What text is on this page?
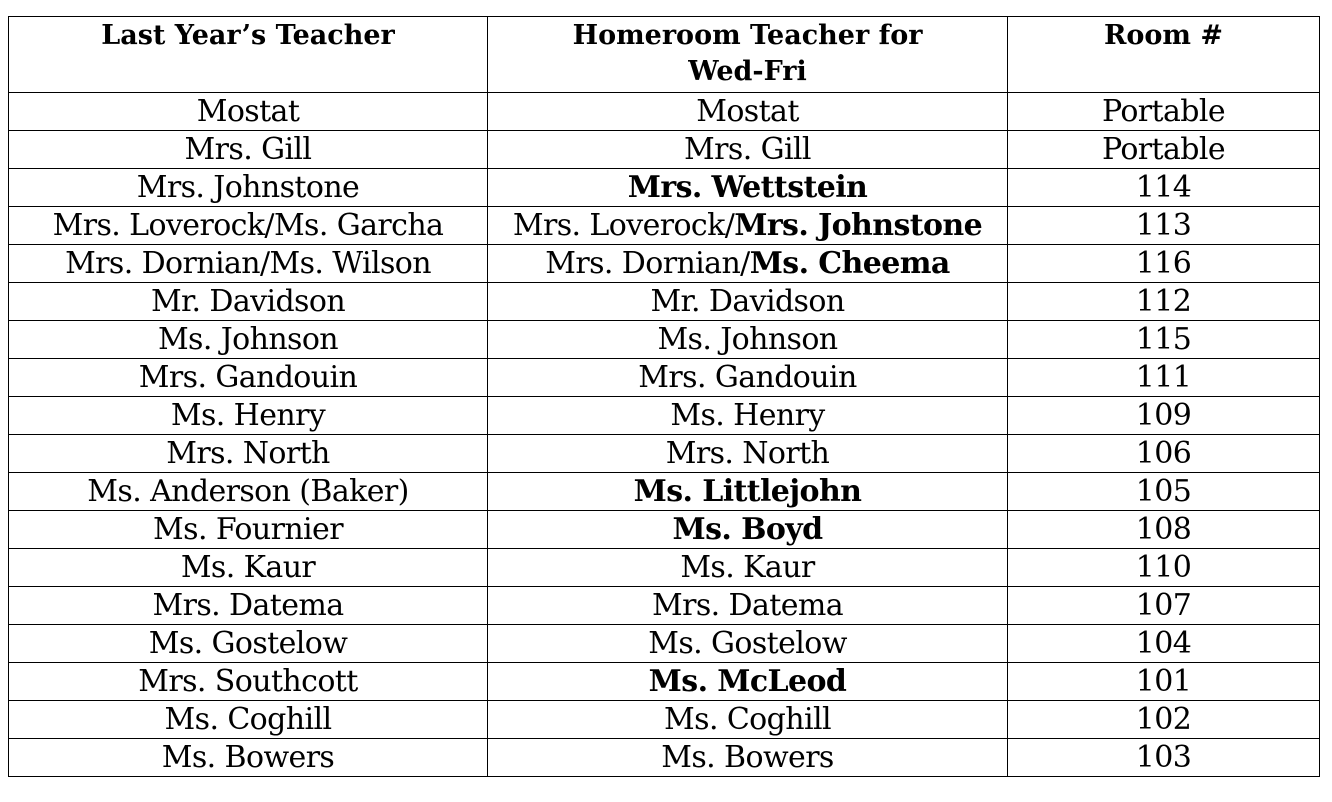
Last Year’s Teacher	Homeroom Teacher for Wed-Fri	Room #
Mostat	Mostat	Portable
Mrs. Gill	Mrs. Gill	Portable
Mrs. Johnstone	Mrs. Wettstein	114
Mrs. Loverock/Ms. Garcha	Mrs. Loverock/Mrs. Johnstone	113
Mrs. Dornian/Ms. Wilson	Mrs. Dornian/Ms. Cheema	116
Mr. Davidson	Mr. Davidson	112
Ms. Johnson	Ms. Johnson	115
Mrs. Gandouin	Mrs. Gandouin	111
Ms. Henry	Ms. Henry	109
Mrs. North	Mrs. North	106
Ms. Anderson (Baker)	Ms. Littlejohn	105
Ms. Fournier	Ms. Boyd	108
Ms. Kaur	Ms. Kaur	110
Mrs. Datema	Mrs. Datema	107
Ms. Gostelow	Ms. Gostelow	104
Mrs. Southcott	Ms. McLeod	101
Ms. Coghill	Ms. Coghill	102
Ms. Bowers	Ms. Bowers	103
